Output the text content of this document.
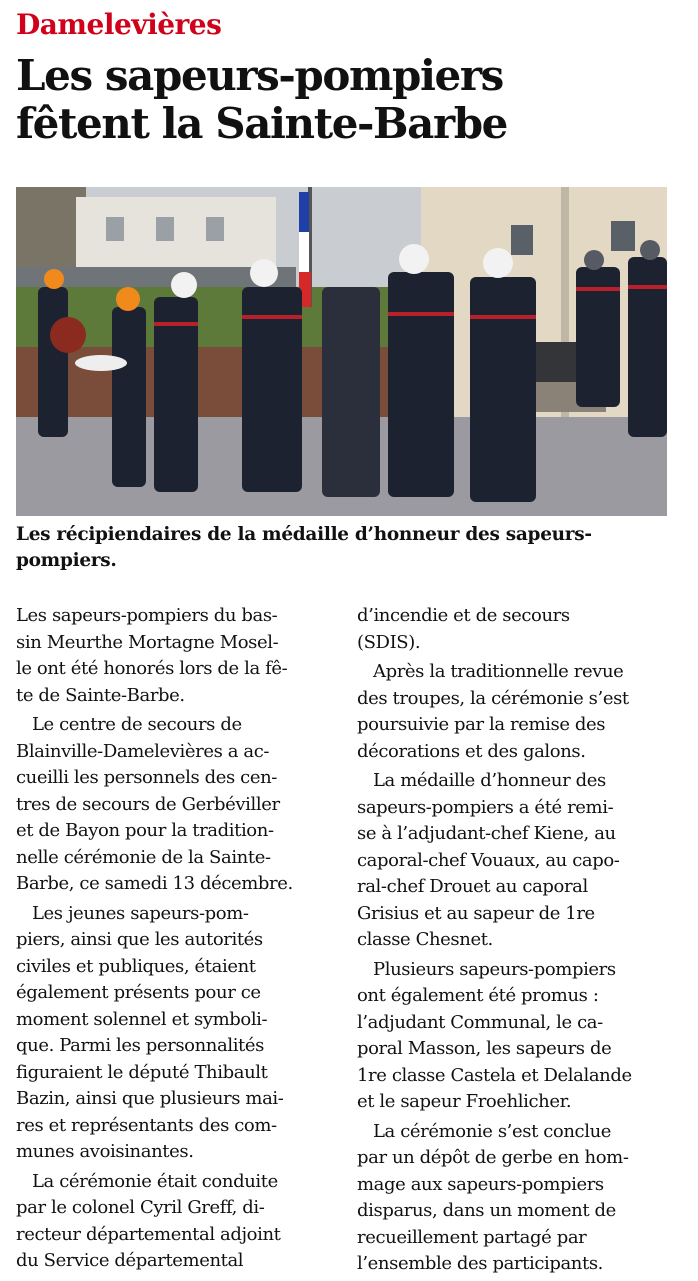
Damelevières
Les sapeurs-pompiers
fêtent la Sainte-Barbe
Les récipiendaires de la médaille d’honneur des sapeurs-
pompiers.
Les sapeurs-pompiers du bas-
sin Meurthe Mortagne Mosel-
le ont été honorés lors de la fê-
te de Sainte-Barbe.
Le centre de secours de
Blainville-Damelevières a ac-
cueilli les personnels des cen-
tres de secours de Gerbéviller
et de Bayon pour la tradition-
nelle cérémonie de la Sainte-
Barbe, ce samedi 13 décembre.
Les jeunes sapeurs-pom-
piers, ainsi que les autorités
civiles et publiques, étaient
également présents pour ce
moment solennel et symboli-
que. Parmi les personnalités
figuraient le député Thibault
Bazin, ainsi que plusieurs mai-
res et représentants des com-
munes avoisinantes.
La cérémonie était conduite
par le colonel Cyril Greff, di-
recteur départemental adjoint
du Service départemental
d’incendie et de secours
(SDIS).
Après la traditionnelle revue
des troupes, la cérémonie s’est
poursuivie par la remise des
décorations et des galons.
La médaille d’honneur des
sapeurs-pompiers a été remi-
se à l’adjudant-chef Kiene, au
caporal-chef Vouaux, au capo-
ral-chef Drouet au caporal
Grisius et au sapeur de 1re
classe Chesnet.
Plusieurs sapeurs-pompiers
ont également été promus :
l’adjudant Communal, le ca-
poral Masson, les sapeurs de
1re classe Castela et Delalande
et le sapeur Froehlicher.
La cérémonie s’est conclue
par un dépôt de gerbe en hom-
mage aux sapeurs-pompiers
disparus, dans un moment de
recueillement partagé par
l’ensemble des participants.
